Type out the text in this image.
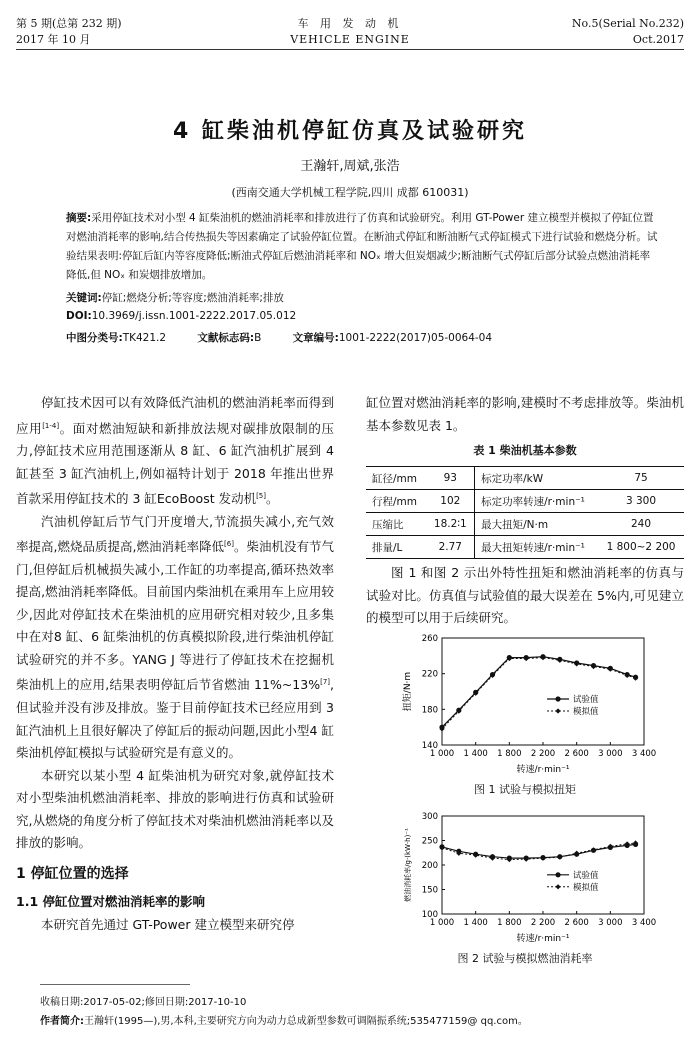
第 5 期(总第 232 期)
2017 年 10 月
车 用 发 动 机
VEHICLE ENGINE
No.5(Serial No.232)
Oct.2017
4 缸柴油机停缸仿真及试验研究
王瀚轩,周斌,张浩
(西南交通大学机械工程学院,四川 成都 610031)
摘要:采用停缸技术对小型 4 缸柴油机的燃油消耗率和排放进行了仿真和试验研究。利用 GT-Power 建立模型并模拟了停缸位置对燃油消耗率的影响,结合传热损失等因素确定了试验停缸位置。在断油式停缸和断油断气式停缸模式下进行试验和燃烧分析。试验结果表明:停缸后缸内等容度降低;断油式停缸后燃油消耗率和 NOₓ 增大但炭烟减少;断油断气式停缸后部分试验点燃油消耗率降低,但 NOₓ 和炭烟排放增加。
关键词:停缸;燃烧分析;等容度;燃油消耗率;排放
DOI:10.3969/j.issn.1001-2222.2017.05.012
中图分类号:TK421.2	文献标志码:B	文章编号:1001-2222(2017)05-0064-04

停缸技术因可以有效降低汽油机的燃油消耗率而得到应用[1-4]。面对燃油短缺和新排放法规对碳排放限制的压力,停缸技术应用范围逐渐从 8 缸、6 缸汽油机扩展到 4 缸甚至 3 缸汽油机上,例如福特计划于 2018 年推出世界首款采用停缸技术的 3 缸EcoBoost 发动机[5]。

汽油机停缸后节气门开度增大,节流损失减小,充气效率提高,燃烧品质提高,燃油消耗率降低[6]。柴油机没有节气门,但停缸后机械损失减小,工作缸的功率提高,循环热效率提高,燃油消耗率降低。目前国内柴油机在乘用车上应用较少,因此对停缸技术在柴油机的应用研究相对较少,且多集中在对8 缸、6 缸柴油机的仿真模拟阶段,进行柴油机停缸试验研究的并不多。YANG J 等进行了停缸技术在挖掘机柴油机上的应用,结果表明停缸后节省燃油 11%~13%[7],但试验并没有涉及排放。鉴于目前停缸技术已经应用到 3 缸汽油机上且很好解决了停缸后的振动问题,因此小型4 缸柴油机停缸模拟与试验研究是有意义的。

本研究以某小型 4 缸柴油机为研究对象,就停缸技术对小型柴油机燃油消耗率、排放的影响进行仿真和试验研究,从燃烧的角度分析了停缸技术对柴油机燃油消耗率以及排放的影响。

1 停缸位置的选择
1.1 停缸位置对燃油消耗率的影响

本研究首先通过 GT-Power 建立模型来研究停

缸位置对燃油消耗率的影响,建模时不考虑排放等。柴油机基本参数见表 1。

表 1 柴油机基本参数
缸径/mm	93	标定功率/kW	75
行程/mm	102	标定功率转速/r·min⁻¹	3 300
压缩比	18.2∶1	最大扭矩/N·m	240
排量/L	2.77	最大扭矩转速/r·min⁻¹	1 800~2 200

图 1 和图 2 示出外特性扭矩和燃油消耗率的仿真与试验对比。仿真值与试验值的最大误差在 5%内,可见建立的模型可以用于后续研究。

1 000 1 400 1 800 2 200 2 600 3 000 3 400
140
180
220
260
转速/r·min⁻¹
扭矩/N·m	试验值
模拟值
图 1 试验与模拟扭矩
1 000 1 400 1 800 2 200 2 600 3 000 3 400
100
150
200
250
300
转速/r·min⁻¹
燃油消耗率/g·(kW·h)⁻¹	试验值
模拟值
图 2 试验与模拟燃油消耗率
收稿日期:2017-05-02;修回日期:2017-10-10
作者简介:王瀚轩(1995—),男,本科,主要研究方向为动力总成新型参数可调隔振系统;535477159@ qq.com。
